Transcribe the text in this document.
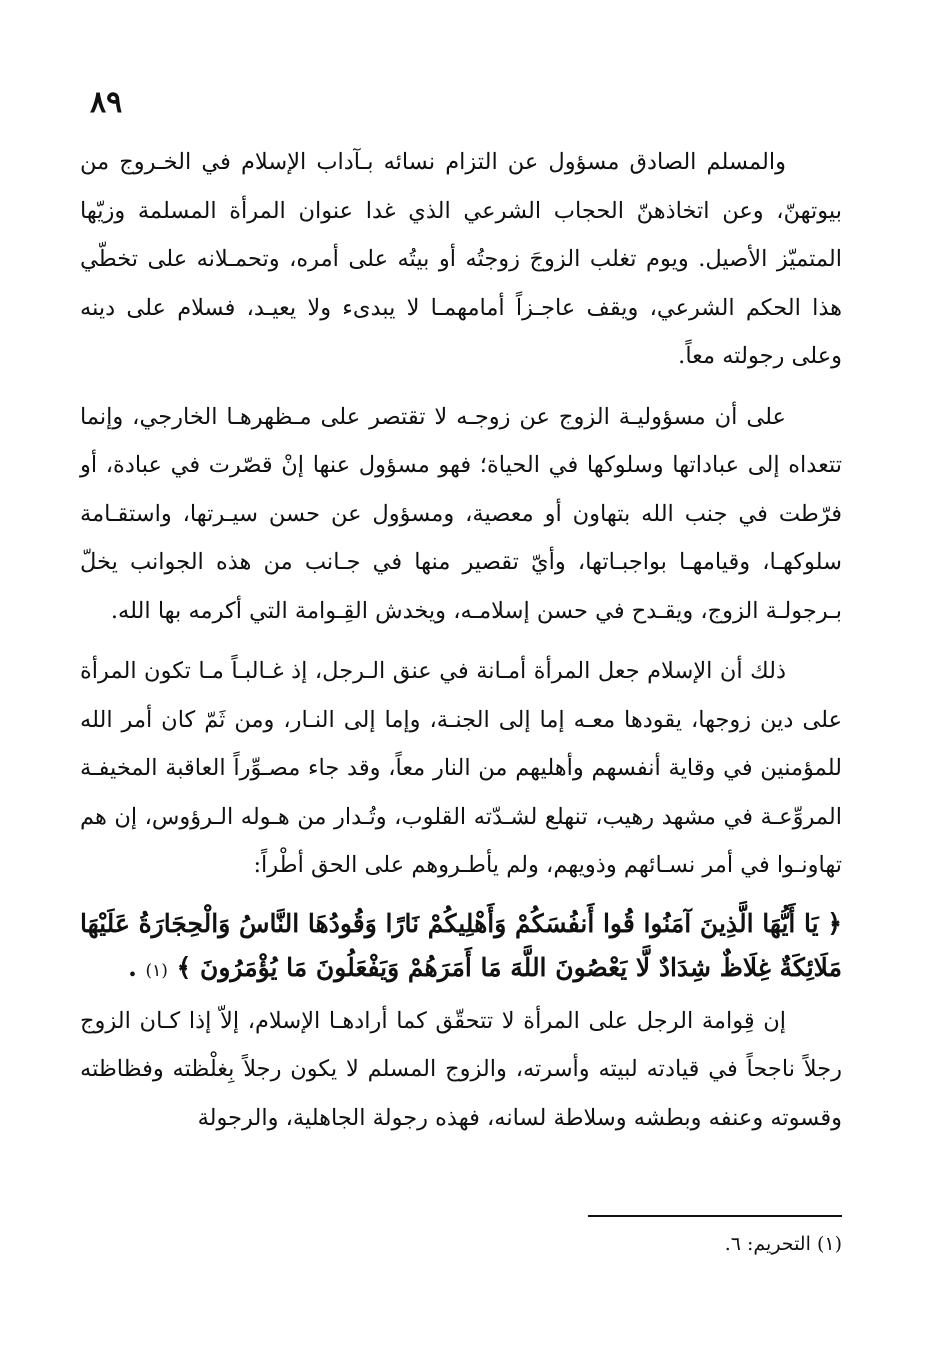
٨٩

والمسلم الصادق مسؤول عن التزام نسائه بـآداب الإسلام في الخـروج من بيوتهنّ، وعن اتخاذهنّ الحجاب الشرعي الذي غدا عنوان المرأة المسلمة وزيّها المتميّز الأصيل. ويوم تغلب الزوجَ زوجتُه أو بيتُه على أمره، وتحمـلانه على تخطّي هذا الحكم الشرعي، ويقف عاجـزاً أمامهمـا لا يبدىء ولا يعيـد، فسلام على دينه وعلى رجولته معاً.

على أن مسؤوليـة الزوج عن زوجـه لا تقتصر على مـظهرهـا الخارجي، وإنما تتعداه إلى عباداتها وسلوكها في الحياة؛ فهو مسؤول عنها إنْ قصّرت في عبادة، أو فرّطت في جنب الله بتهاون أو معصية، ومسؤول عن حسن سيـرتها، واستقـامة سلوكهـا، وقيامهـا بواجبـاتها، وأيّ تقصير منها في جـانب من هذه الجوانب يخلّ بـرجولـة الزوج، ويقـدح في حسن إسلامـه، ويخدش القِـوامة التي أكرمه بها الله.

ذلك أن الإسلام جعل المرأة أمـانة في عنق الـرجل، إذ غـالبـاً مـا تكون المرأة على دين زوجها، يقودها معـه إما إلى الجنـة، وإما إلى النـار، ومن ثَمّ كان أمر الله للمؤمنين في وقاية أنفسهم وأهليهم من النار معاً، وقد جاء مصـوِّراً العاقبة المخيفـة المروِّعـة في مشهد رهيب، تنهلع لشـدّته القلوب، وتُـدار من هـوله الـرؤوس، إن هم تهاونـوا في أمر نسـائهم وذويهم، ولم يأطـروهم على الحق أطْراً:

﴿ يَا أَيُّهَا الَّذِينَ آمَنُوا قُوا أَنفُسَكُمْ وَأَهْلِيكُمْ نَارًا وَقُودُهَا النَّاسُ وَالْحِجَارَةُ عَلَيْهَا مَلَائِكَةٌ غِلَاظٌ شِدَادٌ لَّا يَعْصُونَ اللَّهَ مَا أَمَرَهُمْ وَيَفْعَلُونَ مَا يُؤْمَرُونَ ﴾ (١) .

إن قِوامة الرجل على المرأة لا تتحقّق كما أرادهـا الإسلام، إلاّ إذا كـان الزوج رجلاً ناجحاً في قيادته لبيته وأسرته، والزوج المسلم لا يكون رجلاً بِغلْظته وفظاظته وقسوته وعنفه وبطشه وسلاطة لسانه، فهذه رجولة الجاهلية، والرجولة

(١) التحريم: ٦.
